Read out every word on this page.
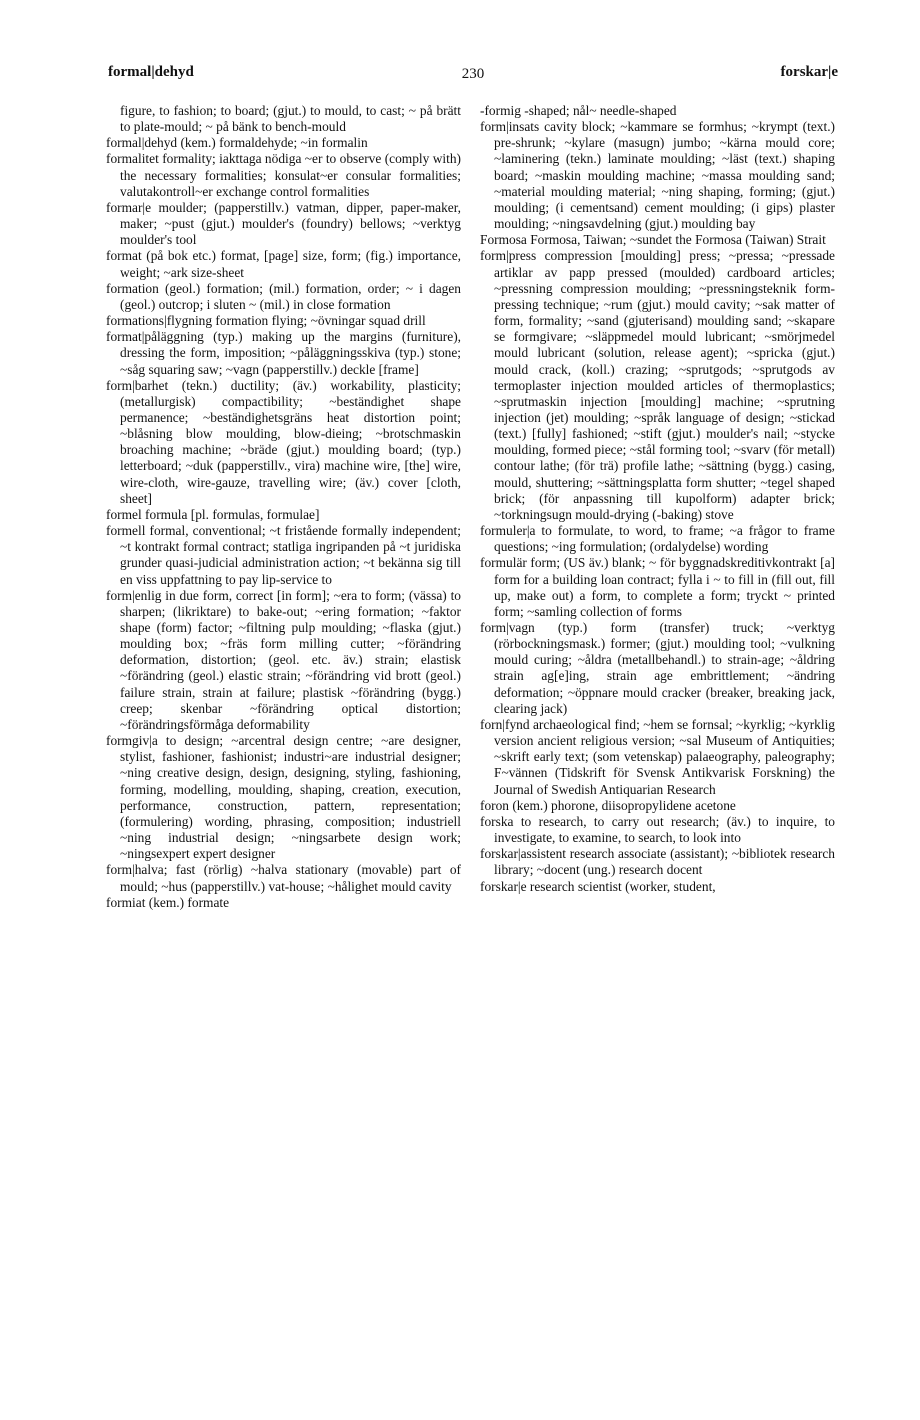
formal|dehyd	230	forskar|e

figure, to fashion; to board; (gjut.) to mould, to cast; ~ på brätt to plate-mould; ~ på bänk to bench-mould

formal|dehyd (kem.) formaldehyde; ~in formalin

formalitet formality; iakttaga nödiga ~er to observe (comply with) the necessary formalities; konsulat~er consular formalities; valutakontroll~er exchange control formalities

formar|e moulder; (papperstillv.) vatman, dipper, paper-maker, maker; ~pust (gjut.) moulder's (foundry) bellows; ~verktyg moulder's tool

format (på bok etc.) format, [page] size, form; (fig.) importance, weight; ~ark size-sheet

formation (geol.) formation; (mil.) formation, order; ~ i dagen (geol.) outcrop; i sluten ~ (mil.) in close formation

formations|flygning formation flying; ~övningar squad drill

format|påläggning (typ.) making up the margins (furniture), dressing the form, imposition; ~påläggningsskiva (typ.) stone; ~såg squaring saw; ~vagn (papperstillv.) deckle [frame]

form|barhet (tekn.) ductility; (äv.) workability, plasticity; (metallurgisk) compactibility; ~beständighet shape permanence; ~beständighetsgräns heat distortion point; ~blåsning blow moulding, blow-dieing; ~brotschmaskin broaching machine; ~bräde (gjut.) moulding board; (typ.) letterboard; ~duk (papperstillv., vira) machine wire, [the] wire, wire-cloth, wire-gauze, travelling wire; (äv.) cover [cloth, sheet]

formel formula [pl. formulas, formulae]

formell formal, conventional; ~t fristående formally independent; ~t kontrakt formal contract; statliga ingripanden på ~t juridiska grunder quasi-judicial administration action; ~t bekänna sig till en viss uppfattning to pay lip-service to

form|enlig in due form, correct [in form]; ~era to form; (vässa) to sharpen; (likriktare) to bake-out; ~ering formation; ~faktor shape (form) factor; ~filtning pulp moulding; ~flaska (gjut.) moulding box; ~fräs form milling cutter; ~förändring deformation, distortion; (geol. etc. äv.) strain; elastisk ~förändring (geol.) elastic strain; ~förändring vid brott (geol.) failure strain, strain at failure; plastisk ~förändring (bygg.) creep; skenbar ~förändring optical distortion; ~förändringsförmåga deformability

formgiv|a to design; ~arcentral design centre; ~are designer, stylist, fashioner, fashionist; industri~are industrial designer; ~ning creative design, design, designing, styling, fashioning, forming, modelling, moulding, shaping, creation, execution, performance, construction, pattern, representation; (formulering) wording, phrasing, composition; industriell ~ning industrial design; ~ningsarbete design work; ~ningsexpert expert designer

form|halva; fast (rörlig) ~halva stationary (movable) part of mould; ~hus (papperstillv.) vat-house; ~hålighet mould cavity

formiat (kem.) formate

-formig -shaped; nål~ needle-shaped

form|insats cavity block; ~kammare se formhus; ~krympt (text.) pre-shrunk; ~kylare (masugn) jumbo; ~kärna mould core; ~laminering (tekn.) laminate moulding; ~läst (text.) shaping board; ~maskin moulding machine; ~massa moulding sand; ~material moulding material; ~ning shaping, forming; (gjut.) moulding; (i cementsand) cement moulding; (i gips) plaster moulding; ~ningsavdelning (gjut.) moulding bay

Formosa Formosa, Taiwan; ~sundet the Formosa (Taiwan) Strait

form|press compression [moulding] press; ~pressa; ~pressade artiklar av papp pressed (moulded) cardboard articles; ~pressning compression moulding; ~pressningsteknik form-pressing technique; ~rum (gjut.) mould cavity; ~sak matter of form, formality; ~sand (gjuterisand) moulding sand; ~skapare se formgivare; ~släppmedel mould lubricant; ~smörjmedel mould lubricant (solution, release agent); ~spricka (gjut.) mould crack, (koll.) crazing; ~sprutgods; ~sprutgods av termoplaster injection moulded articles of thermoplastics; ~sprutmaskin injection [moulding] machine; ~sprutning injection (jet) moulding; ~språk language of design; ~stickad (text.) [fully] fashioned; ~stift (gjut.) moulder's nail; ~stycke moulding, formed piece; ~stål forming tool; ~svarv (för metall) contour lathe; (för trä) profile lathe; ~sättning (bygg.) casing, mould, shuttering; ~sättningsplatta form shutter; ~tegel shaped brick; (för anpassning till kupolform) adapter brick; ~torkningsugn mould-drying (-baking) stove

formuler|a to formulate, to word, to frame; ~a frågor to frame questions; ~ing formulation; (ordalydelse) wording

formulär form; (US äv.) blank; ~ för byggnadskreditivkontrakt [a] form for a building loan contract; fylla i ~ to fill in (fill out, fill up, make out) a form, to complete a form; tryckt ~ printed form; ~samling collection of forms

form|vagn (typ.) form (transfer) truck; ~verktyg (rörbockningsmask.) former; (gjut.) moulding tool; ~vulkning mould curing; ~åldra (metallbehandl.) to strain-age; ~åldring strain ag[e]ing, strain age embrittlement; ~ändring deformation; ~öppnare mould cracker (breaker, breaking jack, clearing jack)

forn|fynd archaeological find; ~hem se fornsal; ~kyrklig; ~kyrklig version ancient religious version; ~sal Museum of Antiquities; ~skrift early text; (som vetenskap) palaeography, paleography; F~vännen (Tidskrift för Svensk Antikvarisk Forskning) the Journal of Swedish Antiquarian Research

foron (kem.) phorone, diisopropylidene acetone

forska to research, to carry out research; (äv.) to inquire, to investigate, to examine, to search, to look into

forskar|assistent research associate (assistant); ~bibliotek research library; ~docent (ung.) research docent

forskar|e research scientist (worker, student,
